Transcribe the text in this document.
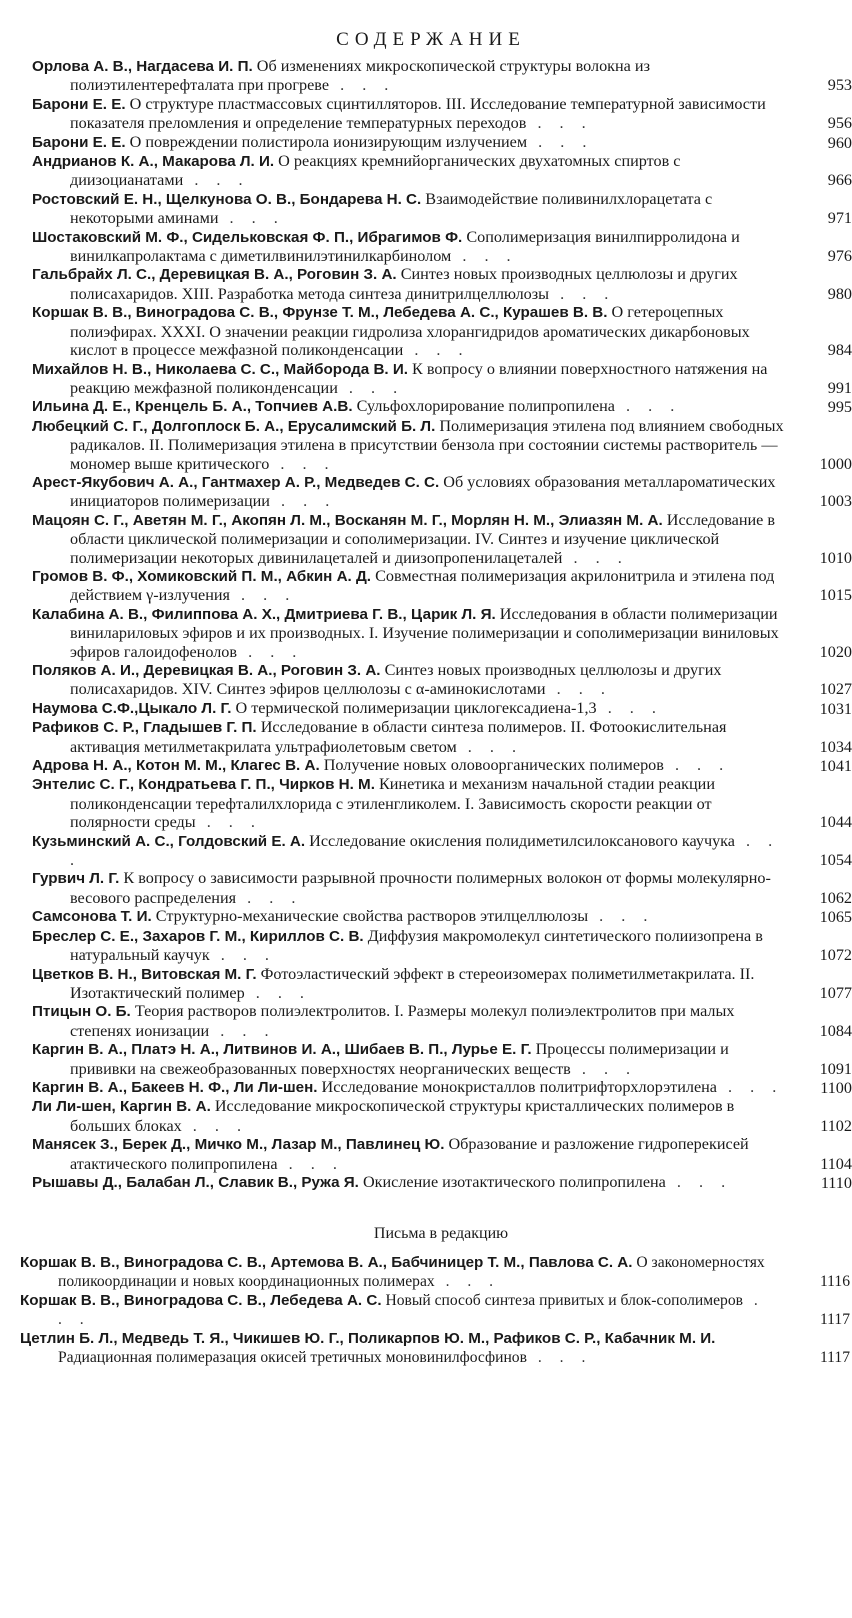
СОДЕРЖАНИЕ
Орлова А. В., Нагдасева И. П. Об изменениях микроскопической структуры волокна из полиэтилентерефталата при прогреве . . .	953
Барони Е. Е. О структуре пластмассовых сцинтилляторов. III. Исследование температурной зависимости показателя преломления и определение температурных переходов . . .	956
Барони Е. Е. О повреждении полистирола ионизирующим излучением . . .	960
Андрианов К. А., Макарова Л. И. О реакциях кремнийорганических двухатомных спиртов с диизоцианатами . . .	966
Ростовский Е. Н., Щелкунова О. В., Бондарева Н. С. Взаимодействие поливинилхлорацетата с некоторыми аминами . . .	971
Шостаковский М. Ф., Сидельковская Ф. П., Ибрагимов Ф. Сополимеризация винилпирролидона и винилкапролактама с диметилвинилэтинилкарбинолом . . .	976
Гальбрайх Л. С., Деревицкая В. А., Роговин З. А. Синтез новых производных целлюлозы и других полисахаридов. XIII. Разработка метода синтеза динитрилцеллюлозы . . .	980
Коршак В. В., Виноградова С. В., Фрунзе Т. М., Лебедева А. С., Курашев В. В. О гетероцепных полиэфирах. XXXI. О значении реакции гидролиза хлорангидридов ароматических дикарбоновых кислот в процессе межфазной поликонденсации . . .	984
Михайлов Н. В., Николаева С. С., Майборода В. И. К вопросу о влиянии поверхностного натяжения на реакцию межфазной поликонденсации . . .	991
Ильина Д. Е., Кренцель Б. А., Топчиев А.В. Сульфохлорирование полипропилена . . .	995
Любецкий С. Г., Долгоплоск Б. А., Ерусалимский Б. Л. Полимеризация этилена под влиянием свободных радикалов. II. Полимеризация этилена в присутствии бензола при состоянии системы растворитель — мономер выше критического . . .	1000
Арест-Якубович А. А., Гантмахер А. Р., Медведев С. С. Об условиях образования металлароматических инициаторов полимеризации . . .	1003
Мацоян С. Г., Аветян М. Г., Акопян Л. М., Восканян М. Г., Морлян Н. М., Элиазян М. А. Исследование в области циклической полимеризации и сополимеризации. IV. Синтез и изучение циклической полимеризации некоторых дивинилацеталей и диизопропенилацеталей . . .	1010
Громов В. Ф., Хомиковский П. М., Абкин А. Д. Совместная полимеризация акрилонитрила и этилена под действием γ-излучения . . .	1015
Калабина А. В., Филиппова А. Х., Дмитриева Г. В., Царик Л. Я. Исследования в области полимеризации виниларилoвых эфиров и их производных. I. Изучение полимеризации и сополимеризации виниловых эфиров галоидофенолов . . .	1020
Поляков А. И., Деревицкая В. А., Роговин З. А. Синтез новых производных целлюлозы и других полисахаридов. XIV. Синтез эфиров целлюлозы с α-аминокислотами . . .	1027
Наумова С.Ф.,Цыкало Л. Г. О термической полимеризации циклогексадиена-1,3 . . .	1031
Рафиков С. Р., Гладышев Г. П. Исследование в области синтеза полимеров. II. Фотоокислительная активация метилметакрилата ультрафиолетовым светом . . .	1034
Адрова Н. А., Котон М. М., Клагес В. А. Получение новых оловоорганических полимеров . . .	1041
Энтелис С. Г., Кондратьева Г. П., Чирков Н. М. Кинетика и механизм начальной стадии реакции поликонденсации терефталилхлорида с этиленгликолем. I. Зависимость скорости реакции от полярности среды . . .	1044
Кузьминский А. С., Голдовский Е. А. Исследование окисления полидиметилсилоксанового каучука . . .	1054
Гурвич Л. Г. К вопросу о зависимости разрывной прочности полимерных волокон от формы молекулярно-весового распределения . . .	1062
Самсонова Т. И. Структурно-механические свойства растворов этилцеллюлозы . . .	1065
Бреслер С. Е., Захаров Г. М., Кириллов С. В. Диффузия макромолекул синтетического полиизопрена в натуральный каучук . . .	1072
Цветков В. Н., Витовская М. Г. Фотоэластический эффект в стереоизомерах полиметилметакрилата. II. Изотактический полимер . . .	1077
Птицын О. Б. Теория растворов полиэлектролитов. I. Размеры молекул полиэлектролитов при малых степенях ионизации . . .	1084
Каргин В. А., Платэ Н. А., Литвинов И. А., Шибаев В. П., Лурье Е. Г. Процессы полимеризации и прививки на свежеобразованных поверхностях неорганических веществ . . .	1091
Каргин В. А., Бакеев Н. Ф., Ли Ли-шен. Исследование монокристаллов политрифторхлорэтилена . . .	1100
Ли Ли-шен, Каргин В. А. Исследование микроскопической структуры кристаллических полимеров в больших блоках . . .	1102
Манясек З., Берек Д., Мичко М., Лазар М., Павлинец Ю. Образование и разложение гидроперекисей атактического полипропилена . . .	1104
Рышавы Д., Балабан Л., Славик В., Ружа Я. Окисление изотактического полипропилена . . .	1110
Письма в редакцию
Коршак В. В., Виноградова С. В., Артемова В. А., Бабчиницер Т. М., Павлова С. А. О закономерностях поликоординации и новых координационных полимерах . . .	1116
Коршак В. В., Виноградова С. В., Лебедева А. С. Новый способ синтеза привитых и блок-сополимеров . . .	1117
Цетлин Б. Л., Медведь Т. Я., Чикишев Ю. Г., Поликарпов Ю. М., Рафиков С. Р., Кабачник М. И. Радиационная полимеразация окисей третичных моновинилфосфинов . . .	1117
